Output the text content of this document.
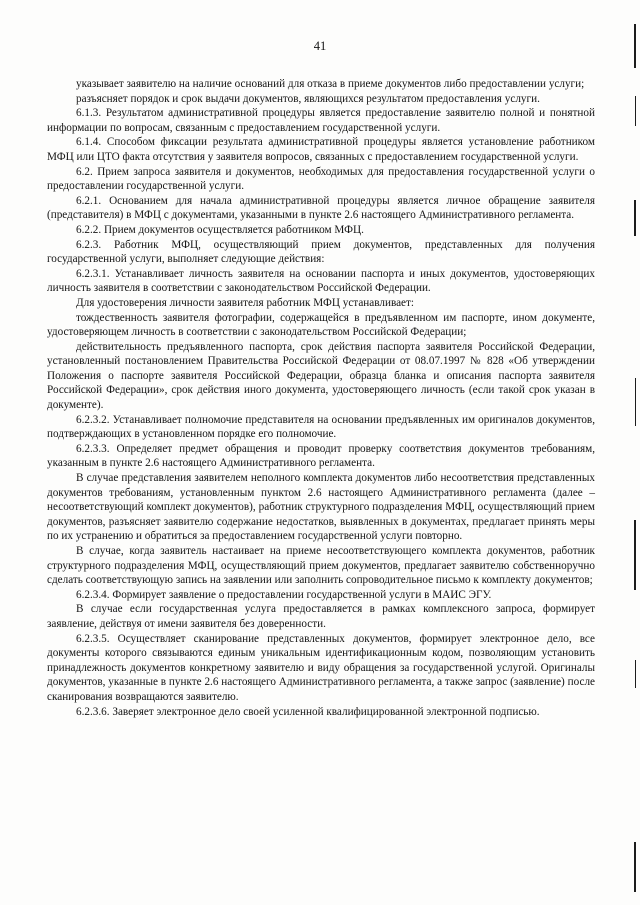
41

указывает заявителю на наличие оснований для отказа в приеме документов либо предоставлении услуги;

разъясняет порядок и срок выдачи документов, являющихся результатом предоставления услуги.

6.1.3. Результатом административной процедуры является предоставление заявителю полной и понятной информации по вопросам, связанным с предоставлением государственной услуги.

6.1.4. Способом фиксации результата административной процедуры является установление работником МФЦ или ЦТО факта отсутствия у заявителя вопросов, связанных с предоставлением государственной услуги.

6.2. Прием запроса заявителя и документов, необходимых для предоставления государственной услуги о предоставлении государственной услуги.

6.2.1. Основанием для начала административной процедуры является личное обращение заявителя (представителя) в МФЦ с документами, указанными в пункте 2.6 настоящего Административного регламента.

6.2.2. Прием документов осуществляется работником МФЦ.

6.2.3. Работник МФЦ, осуществляющий прием документов, представленных для получения государственной услуги, выполняет следующие действия:

6.2.3.1. Устанавливает личность заявителя на основании паспорта и иных документов, удостоверяющих личность заявителя в соответствии с законодательством Российской Федерации.

Для удостоверения личности заявителя работник МФЦ устанавливает:

тождественность заявителя фотографии, содержащейся в предъявленном им паспорте, ином документе, удостоверяющем личность в соответствии с законодательством Российской Федерации;

действительность предъявленного паспорта, срок действия паспорта заявителя Российской Федерации, установленный постановлением Правительства Российской Федерации от 08.07.1997 № 828 «Об утверждении Положения о паспорте заявителя Российской Федерации, образца бланка и описания паспорта заявителя Российской Федерации», срок действия иного документа, удостоверяющего личность (если такой срок указан в документе).

6.2.3.2. Устанавливает полномочие представителя на основании предъявленных им оригиналов документов, подтверждающих в установленном порядке его полномочие.

6.2.3.3. Определяет предмет обращения и проводит проверку соответствия документов требованиям, указанным в пункте 2.6 настоящего Административного регламента.

В случае представления заявителем неполного комплекта документов либо несоответствия представленных документов требованиям, установленным пунктом 2.6 настоящего Административного регламента (далее – несоответствующий комплект документов), работник структурного подразделения МФЦ, осуществляющий прием документов, разъясняет заявителю содержание недостатков, выявленных в документах, предлагает принять меры по их устранению и обратиться за предоставлением государственной услуги повторно.

В случае, когда заявитель настаивает на приеме несоответствующего комплекта документов, работник структурного подразделения МФЦ, осуществляющий прием документов, предлагает заявителю собственноручно сделать соответствующую запись на заявлении или заполнить сопроводительное письмо к комплекту документов;

6.2.3.4. Формирует заявление о предоставлении государственной услуги в МАИС ЭГУ.

В случае если государственная услуга предоставляется в рамках комплексного запроса, формирует заявление, действуя от имени заявителя без доверенности.

6.2.3.5. Осуществляет сканирование представленных документов, формирует электронное дело, все документы которого связываются единым уникальным идентификационным кодом, позволяющим установить принадлежность документов конкретному заявителю и виду обращения за государственной услугой. Оригиналы документов, указанные в пункте 2.6 настоящего Административного регламента, а также запрос (заявление) после сканирования возвращаются заявителю.

6.2.3.6. Заверяет электронное дело своей усиленной квалифицированной электронной подписью.
